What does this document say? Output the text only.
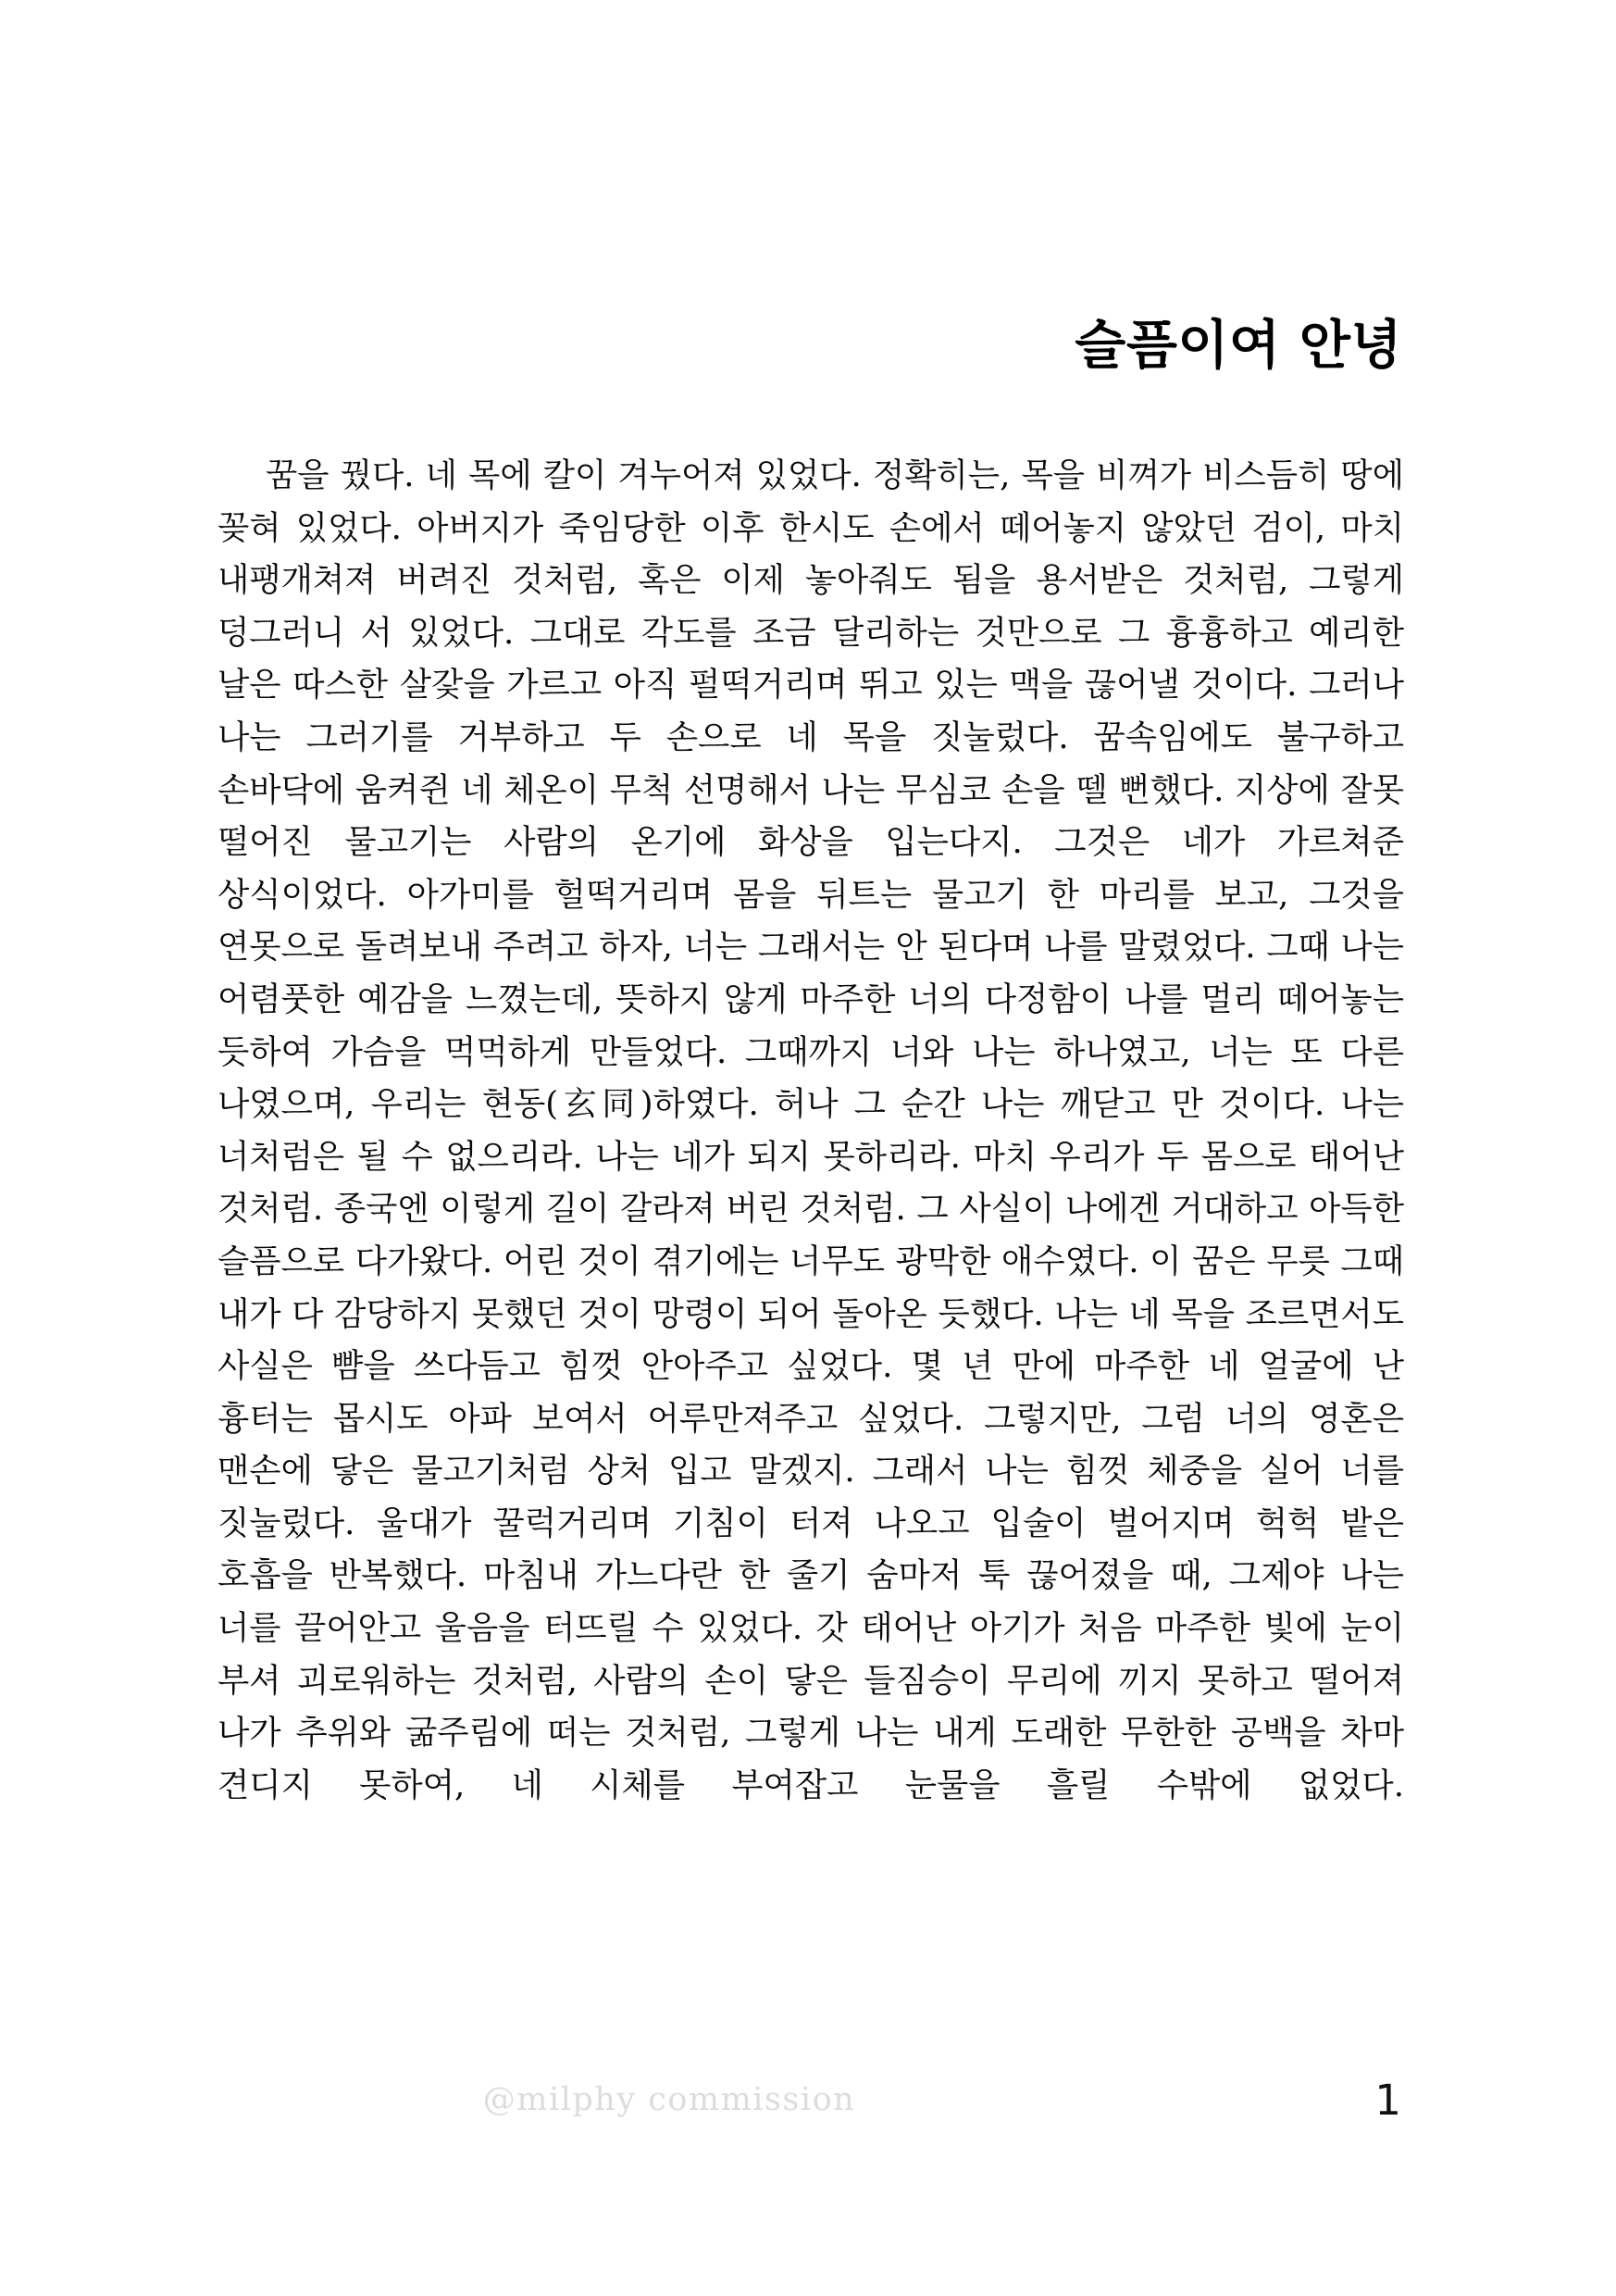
슬픔이여 안녕

꿈을 꿨다. 네 목에 칼이 겨누어져 있었다. 정확히는, 목을 비껴가 비스듬히 땅에 꽂혀 있었다. 아버지가 죽임당한 이후 한시도 손에서 떼어놓지 않았던 검이, 마치 내팽개쳐져 버려진 것처럼, 혹은 이제 놓아줘도 됨을 용서받은 것처럼, 그렇게 덩그러니 서 있었다. 그대로 각도를 조금 달리하는 것만으로 그 흉흉하고 예리한 날은 따스한 살갗을 가르고 아직 펄떡거리며 뛰고 있는 맥을 끊어낼 것이다. 그러나 나는 그러기를 거부하고 두 손으로 네 목을 짓눌렀다. 꿈속임에도 불구하고 손바닥에 움켜쥔 네 체온이 무척 선명해서 나는 무심코 손을 뗄 뻔했다. 지상에 잘못 떨어진 물고기는 사람의 온기에 화상을 입는다지. 그것은 네가 가르쳐준 상식이었다. 아가미를 헐떡거리며 몸을 뒤트는 물고기 한 마리를 보고, 그것을 연못으로 돌려보내 주려고 하자, 너는 그래서는 안 된다며 나를 말렸었다. 그때 나는 어렴풋한 예감을 느꼈는데, 뜻하지 않게 마주한 너의 다정함이 나를 멀리 떼어놓는 듯하여 가슴을 먹먹하게 만들었다. 그때까지 너와 나는 하나였고, 너는 또 다른 나였으며, 우리는 현동(玄同)하였다. 허나 그 순간 나는 깨닫고 만 것이다. 나는 너처럼은 될 수 없으리라. 나는 네가 되지 못하리라. 마치 우리가 두 몸으로 태어난 것처럼. 종국엔 이렇게 길이 갈라져 버린 것처럼. 그 사실이 나에겐 거대하고 아득한 슬픔으로 다가왔다. 어린 것이 겪기에는 너무도 광막한 애수였다. 이 꿈은 무릇 그때 내가 다 감당하지 못했던 것이 망령이 되어 돌아온 듯했다. 나는 네 목을 조르면서도 사실은 뺨을 쓰다듬고 힘껏 안아주고 싶었다. 몇 년 만에 마주한 네 얼굴에 난 흉터는 몹시도 아파 보여서 어루만져주고 싶었다. 그렇지만, 그럼 너의 영혼은 맨손에 닿은 물고기처럼 상처 입고 말겠지. 그래서 나는 힘껏 체중을 실어 너를 짓눌렀다. 울대가 꿀럭거리며 기침이 터져 나오고 입술이 벌어지며 헉헉 밭은 호흡을 반복했다. 마침내 가느다란 한 줄기 숨마저 툭 끊어졌을 때, 그제야 나는 너를 끌어안고 울음을 터뜨릴 수 있었다. 갓 태어난 아기가 처음 마주한 빛에 눈이 부셔 괴로워하는 것처럼, 사람의 손이 닿은 들짐승이 무리에 끼지 못하고 떨어져 나가 추위와 굶주림에 떠는 것처럼, 그렇게 나는 내게 도래한 무한한 공백을 차마 견디지 못하여, 네 시체를 부여잡고 눈물을 흘릴 수밖에 없었다.

@milphy commission	1
